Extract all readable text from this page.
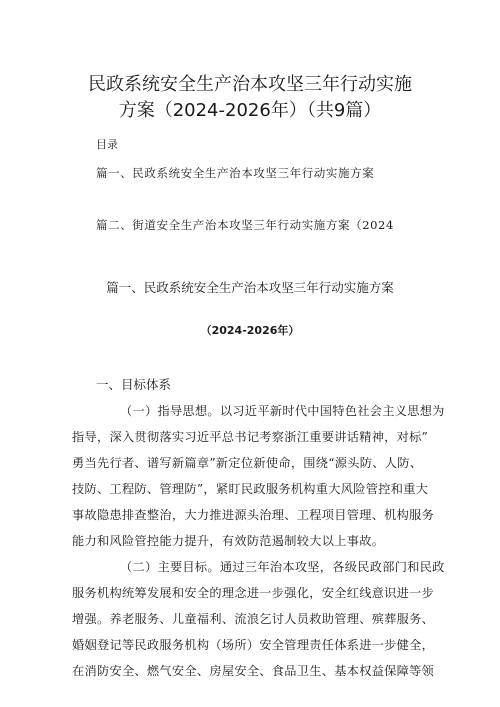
民政系统安全生产治本攻坚三年行动实施
方案（2024-2026年）（共9篇）
目录
篇一、民政系统安全生产治本攻坚三年行动实施方案
篇二、街道安全生产治本攻坚三年行动实施方案（2024
篇一、民政系统安全生产治本攻坚三年行动实施方案
（2024-2026年）
一、目标体系
（一）指导思想。以习近平新时代中国特色社会主义思想为
指导，深入贯彻落实习近平总书记考察浙江重要讲话精神，对标”
勇当先行者、谱写新篇章”新定位新使命，围绕“源头防、人防、
技防、工程防、管理防”，紧盯民政服务机构重大风险管控和重大
事故隐患排查整治，大力推进源头治理、工程项目管理、机构服务
能力和风险管控能力提升，有效防范遏制较大以上事故。
（二）主要目标。通过三年治本攻坚，各级民政部门和民政
服务机构统筹发展和安全的理念进一步强化，安全红线意识进一步
增强。养老服务、儿童福利、流浪乞讨人员救助管理、殡葬服务、
婚姻登记等民政服务机构（场所）安全管理责任体系进一步健全，
在消防安全、燃气安全、房屋安全、食品卫生、基本权益保障等领
